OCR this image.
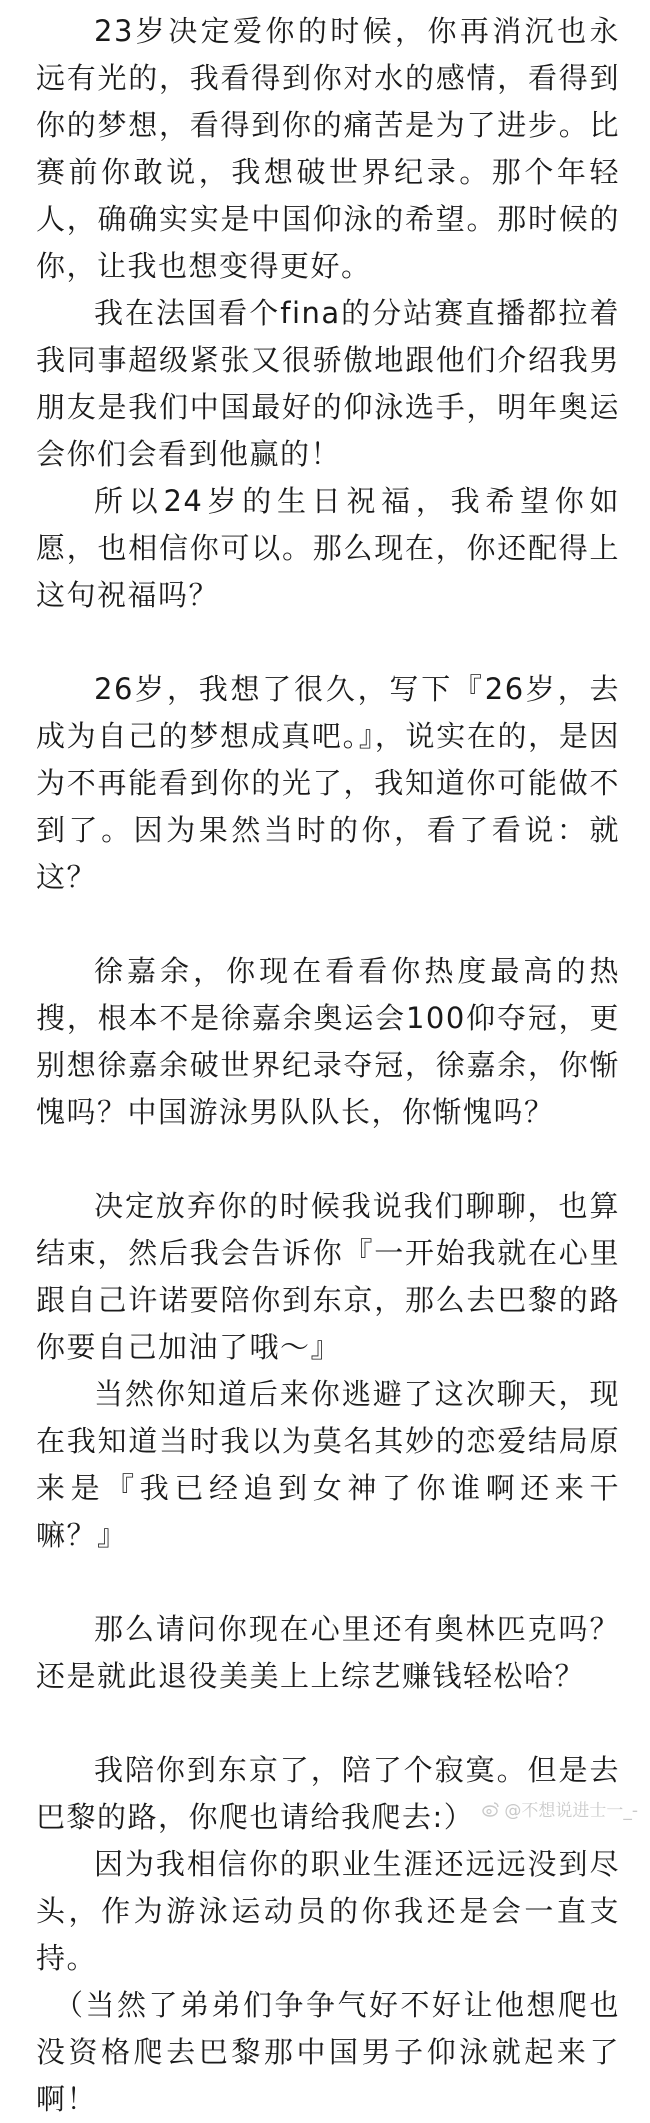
23岁决定爱你的时候，你再消沉也永远有光的，我看得到你对水的感情，看得到你的梦想，看得到你的痛苦是为了进步。比赛前你敢说，我想破世界纪录。那个年轻人，确确实实是中国仰泳的希望。那时候的你，让我也想变得更好。

我在法国看个fina的分站赛直播都拉着我同事超级紧张又很骄傲地跟他们介绍我男朋友是我们中国最好的仰泳选手，明年奥运会你们会看到他赢的！

所以24岁的生日祝福，我希望你如愿，也相信你可以。那么现在，你还配得上这句祝福吗？

26岁，我想了很久，写下『26岁，去成为自己的梦想成真吧。』，说实在的，是因为不再能看到你的光了，我知道你可能做不到了。因为果然当时的你，看了看说：就这？

徐嘉余，你现在看看你热度最高的热搜，根本不是徐嘉余奥运会100仰夺冠，更别想徐嘉余破世界纪录夺冠，徐嘉余，你惭愧吗？中国游泳男队队长，你惭愧吗？

决定放弃你的时候我说我们聊聊，也算结束，然后我会告诉你『一开始我就在心里跟自己许诺要陪你到东京，那么去巴黎的路你要自己加油了哦～』

当然你知道后来你逃避了这次聊天，现在我知道当时我以为莫名其妙的恋爱结局原来是『我已经追到女神了你谁啊还来干嘛？』

那么请问你现在心里还有奥林匹克吗？还是就此退役美美上上综艺赚钱轻松哈？

我陪你到东京了，陪了个寂寞。但是去巴黎的路，你爬也请给我爬去:）

因为我相信你的职业生涯还远远没到尽头，作为游泳运动员的你我还是会一直支持。

（当然了弟弟们争争气好不好让他想爬也没资格爬去巴黎那中国男子仰泳就起来了啊！

@不想说进士一_-
